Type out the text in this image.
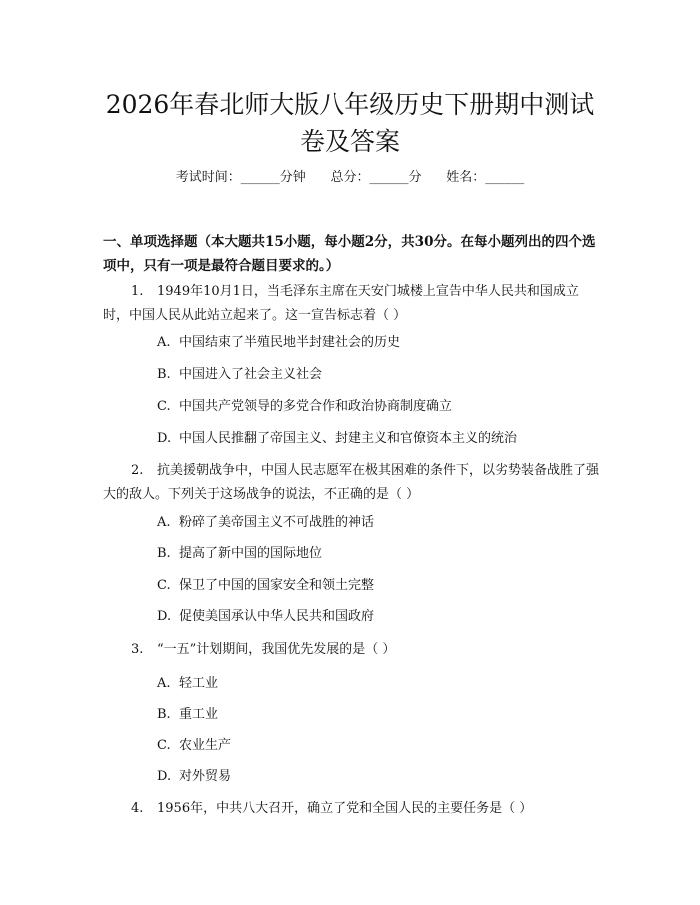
2026年春北师大版八年级历史下册期中测试
卷及答案
考试时间：______分钟      总分：______分      姓名：______

一、单项选择题（本大题共15小题，每小题2分，共30分。在每小题列出的四个选项中，只有一项是最符合题目要求的。）

1. 1949年10月1日，当毛泽东主席在天安门城楼上宣告中华人民共和国成立时，中国人民从此站立起来了。这一宣告标志着（ ）

A. 中国结束了半殖民地半封建社会的历史
B. 中国进入了社会主义社会
C. 中国共产党领导的多党合作和政治协商制度确立
D. 中国人民推翻了帝国主义、封建主义和官僚资本主义的统治

2. 抗美援朝战争中，中国人民志愿军在极其困难的条件下，以劣势装备战胜了强大的敌人。下列关于这场战争的说法，不正确的是（ ）

A. 粉碎了美帝国主义不可战胜的神话
B. 提高了新中国的国际地位
C. 保卫了中国的国家安全和领土完整
D. 促使美国承认中华人民共和国政府

3. “一五”计划期间，我国优先发展的是（ ）

A. 轻工业
B. 重工业
C. 农业生产
D. 对外贸易

4. 1956年，中共八大召开，确立了党和全国人民的主要任务是（ ）
